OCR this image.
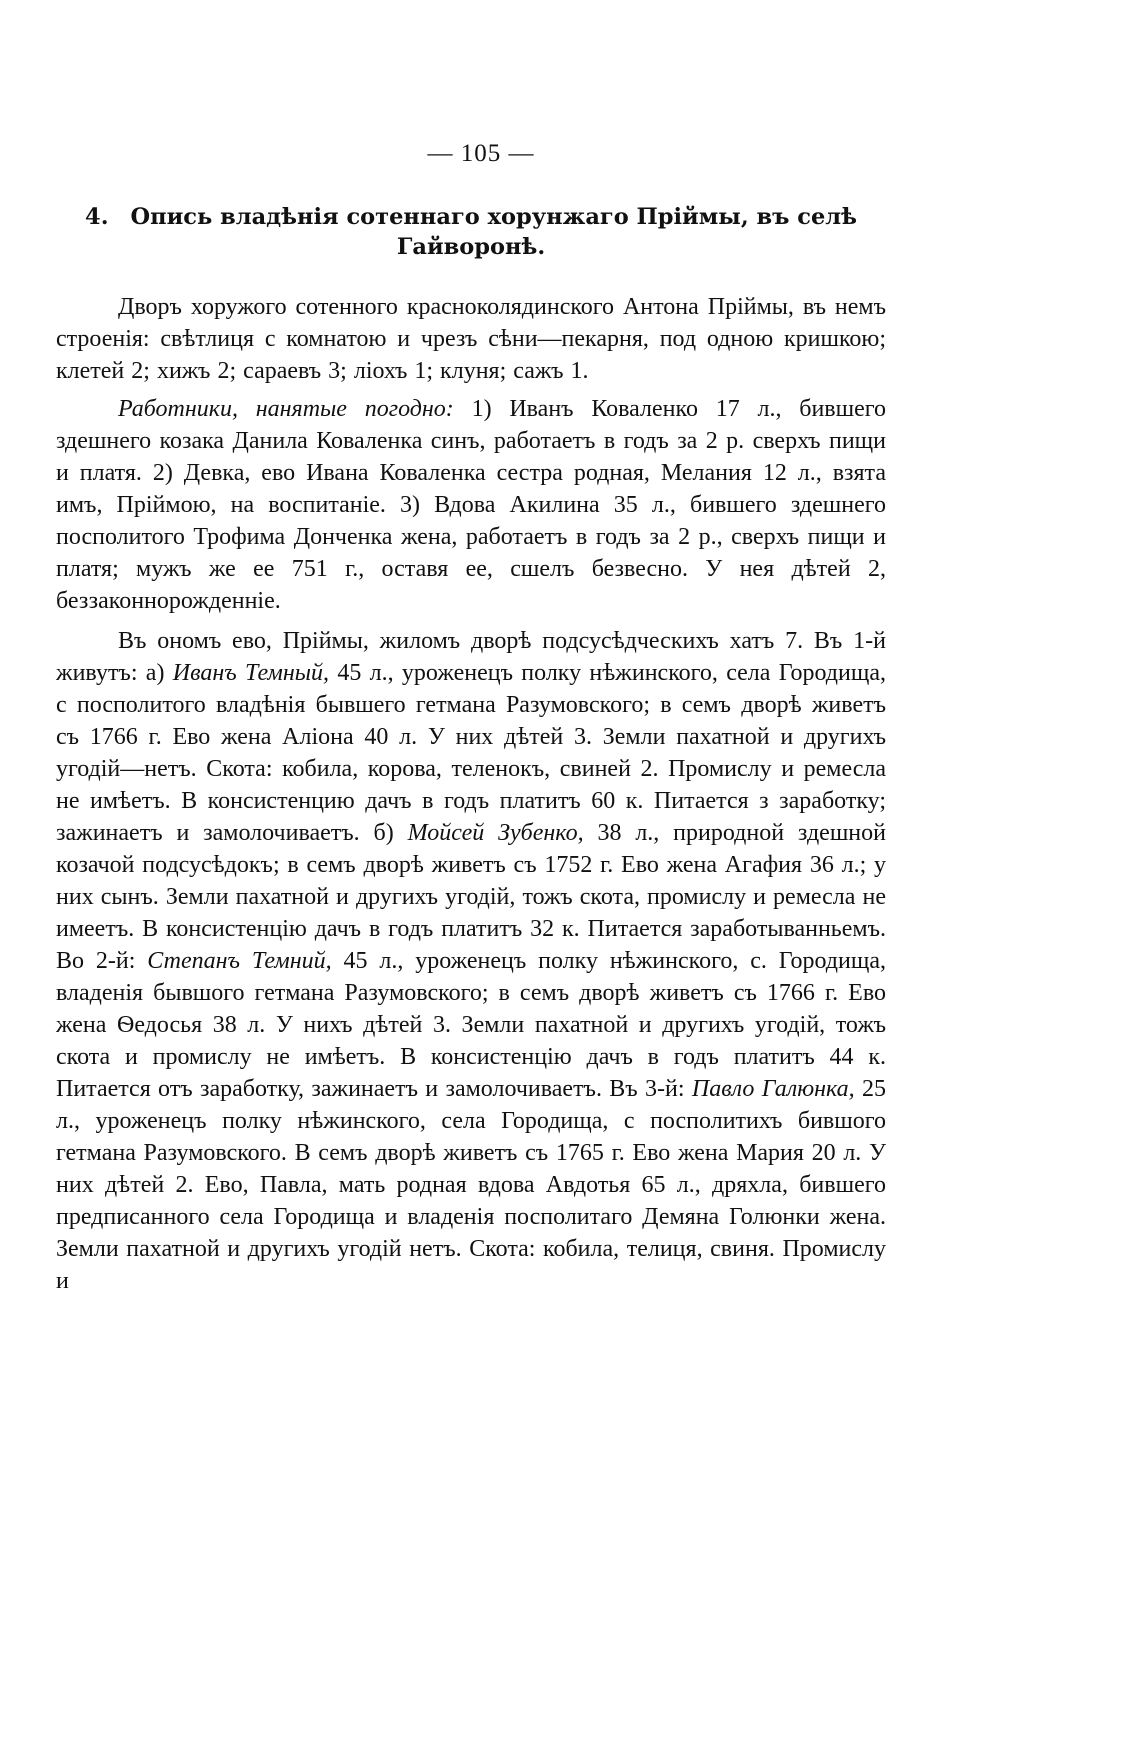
— 105 —
4. Опись владѣнія сотеннаго хорунжаго Пріймы, въ селѣ
Гайворонѣ.

Дворъ хоружого сотенного красноколядинского Антона Пріймы, въ немъ строенія: свѣтлиця с комнатою и чрезъ сѣни—пекарня, под одною кришкою; клетей 2; хижъ 2; сараевъ 3; ліохъ 1; клуня; сажъ 1.

Работники, нанятые погодно: 1) Иванъ Коваленко 17 л., бившего здешнего козака Данила Коваленка синъ, работаетъ в годъ за 2 р. сверхъ пищи и платя. 2) Девка, ево Ивана Коваленка сестра родная, Мелания 12 л., взята имъ, Пріймою, на воспитаніе. 3) Вдова Акилина 35 л., бившего здешнего посполитого Трофима Донченка жена, работаетъ в годъ за 2 р., сверхъ пищи и платя; мужъ же ее 751 г., оставя ее, сшелъ безвесно. У нея дѣтей 2, беззаконнорожденніе.

Въ ономъ ево, Пріймы, жиломъ дворѣ подсусѣдческихъ хатъ 7. Въ 1-й живутъ: а) Иванъ Темный, 45 л., уроженецъ полку нѣжинского, села Городища, с посполитого владѣнія бывшего гетмана Разумовского; в семъ дворѣ живетъ съ 1766 г. Ево жена Аліона 40 л. У них дѣтей 3. Земли пахатной и другихъ угодій—нетъ. Скота: кобила, корова, теленокъ, свиней 2. Промислу и ремесла не имѣетъ. В консистенцию дачъ в годъ платитъ 60 к. Питается з заработку; зажинаетъ и замолочиваетъ. б) Мойсей Зубенко, 38 л., природной здешной козачой подсусѣдокъ; в семъ дворѣ живетъ съ 1752 г. Ево жена Агафия 36 л.; у них сынъ. Земли пахатной и другихъ угодій, тожъ скота, промислу и ремесла не имеетъ. В консистенцію дачъ в годъ платитъ 32 к. Питается заработыванньемъ. Во 2-й: Степанъ Темний, 45 л., уроженецъ полку нѣжинского, с. Городища, владенія бывшого гетмана Разумовского; в семъ дворѣ живетъ съ 1766 г. Ево жена Ѳедосья 38 л. У нихъ дѣтей 3. Земли пахатной и другихъ угодій, тожъ скота и промислу не имѣетъ. В консистенцію дачъ в годъ платитъ 44 к. Питается отъ заработку, зажинаетъ и замолочиваетъ. Въ 3-й: Павло Галюнка, 25 л., уроженецъ полку нѣжинского, села Городища, с посполитихъ бившого гетмана Разумовского. В семъ дворѣ живетъ съ 1765 г. Ево жена Мария 20 л. У них дѣтей 2. Ево, Павла, мать родная вдова Авдотья 65 л., дряхла, бившего предписанного села Городища и владенія посполитаго Демяна Голюнки жена. Земли пахатной и другихъ угодій нетъ. Скота: кобила, телиця, свиня. Промислу и
